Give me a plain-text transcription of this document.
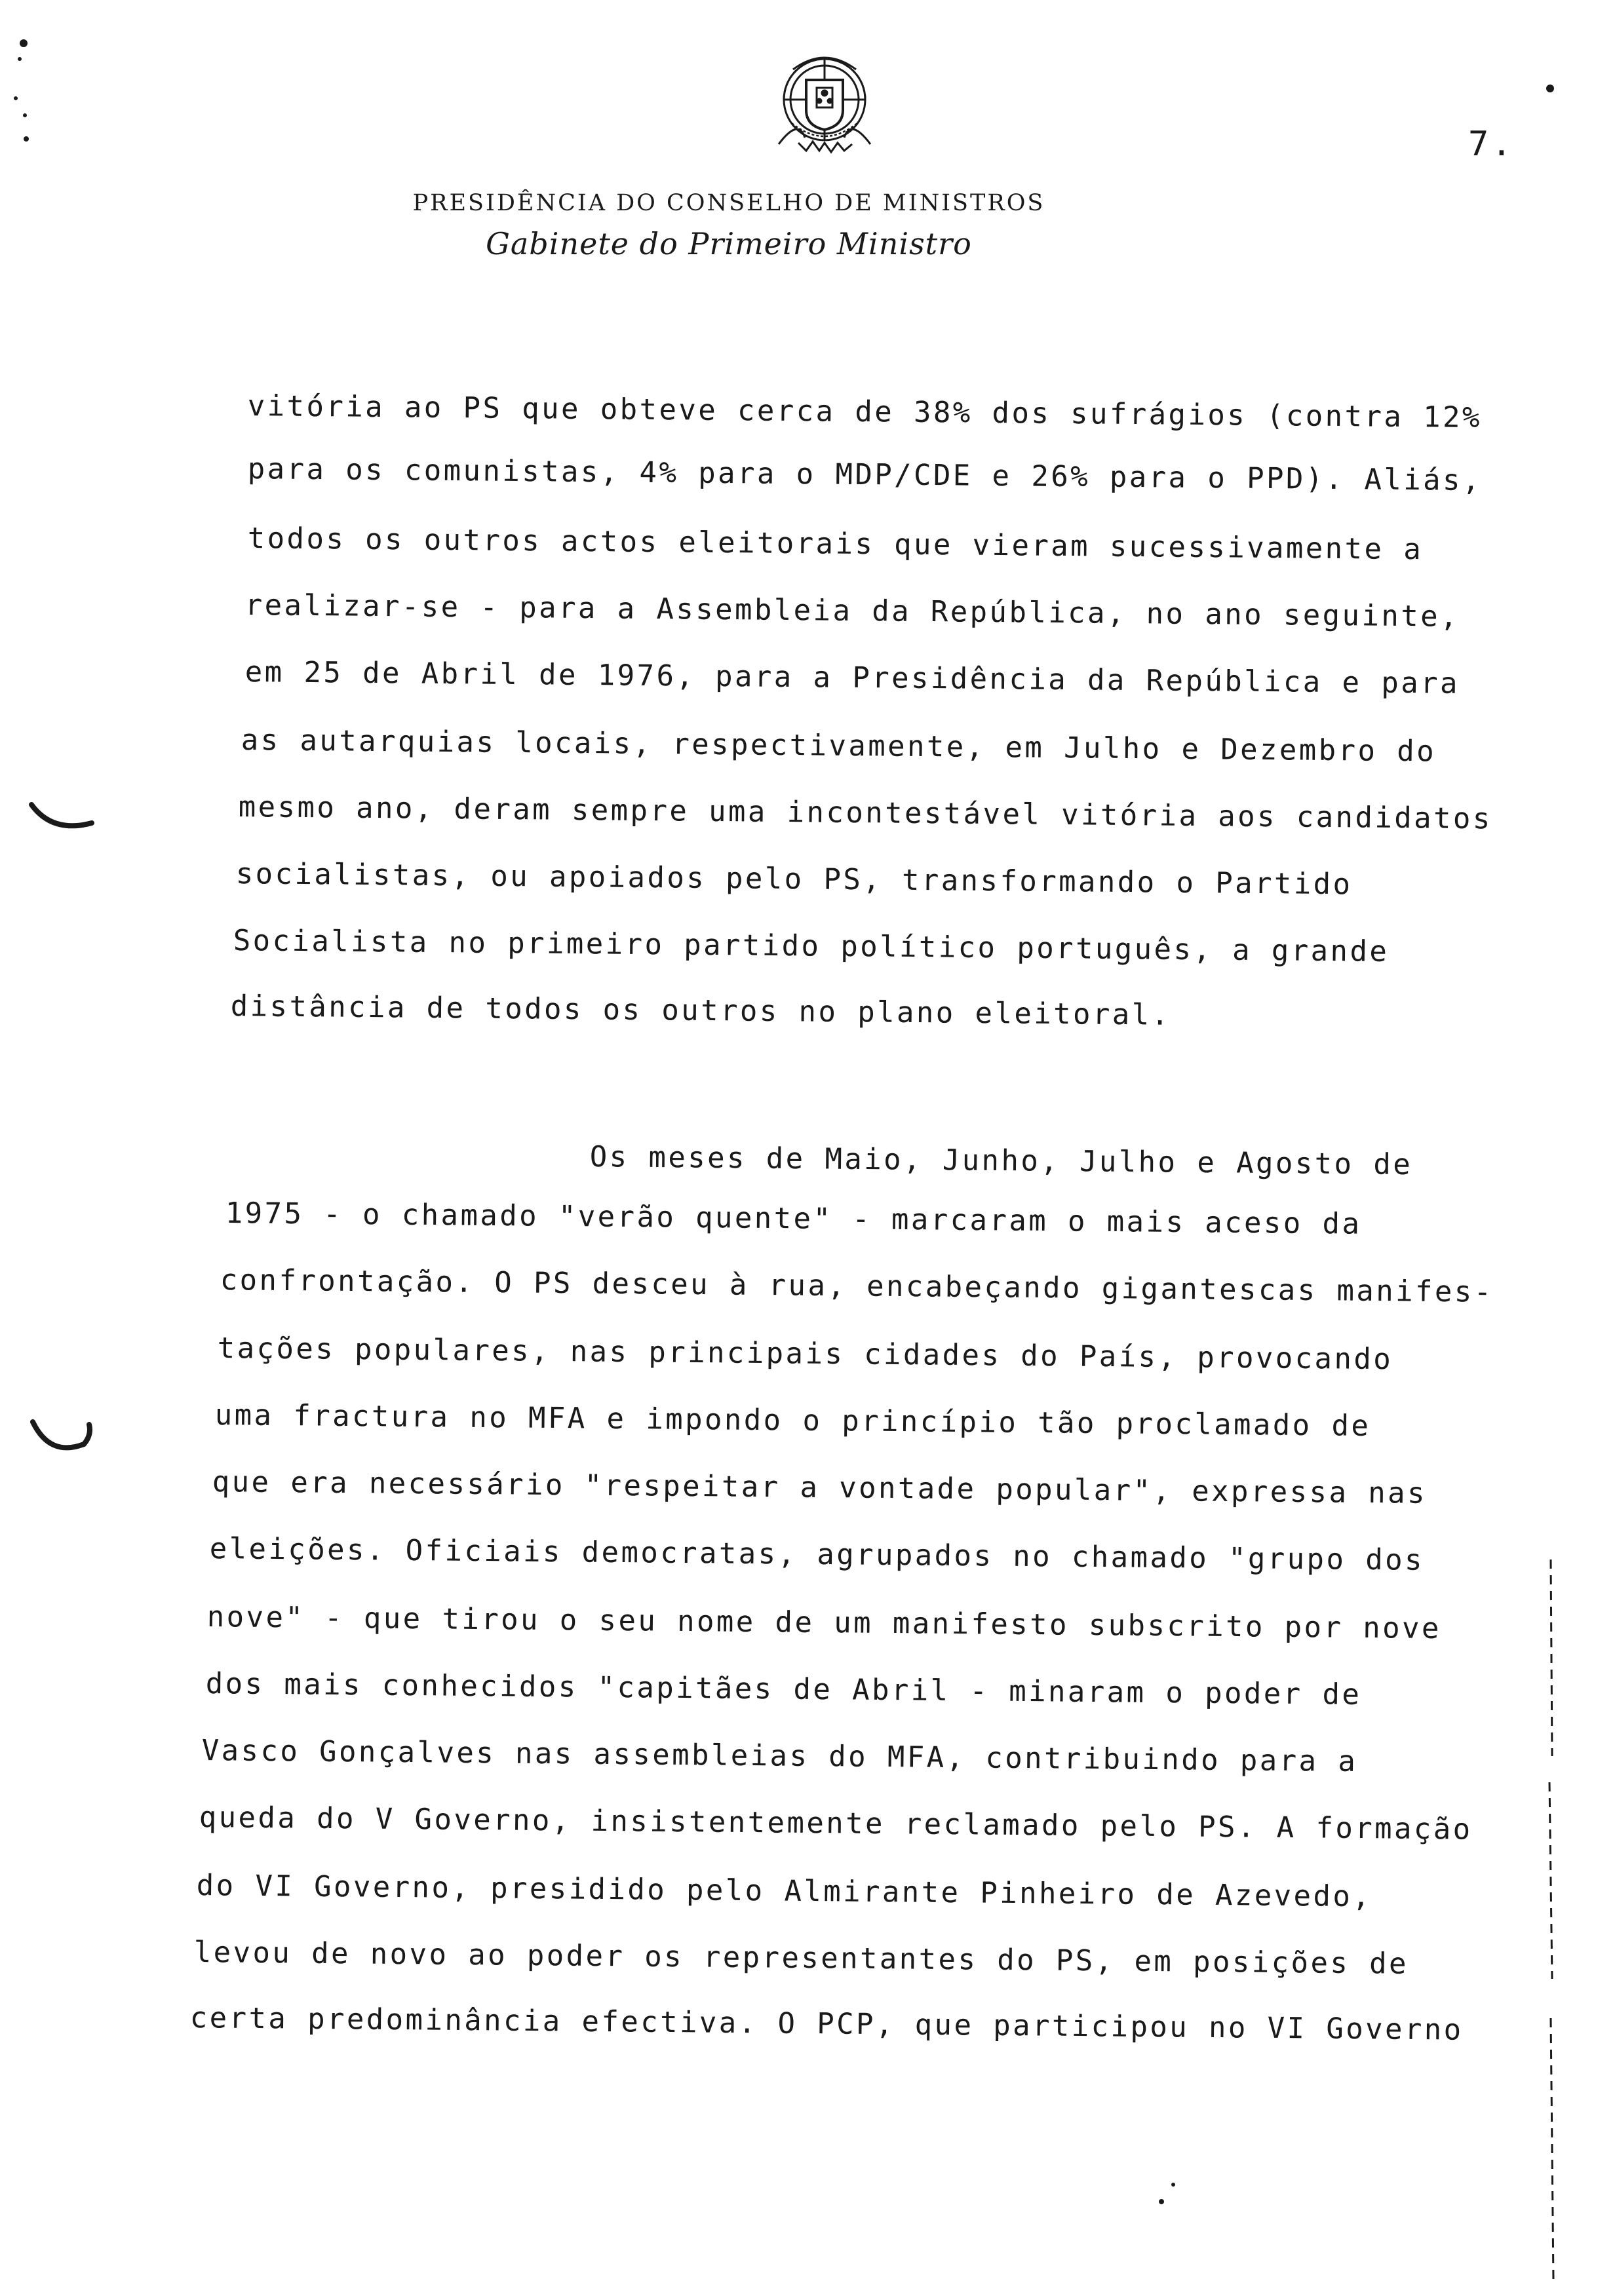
7.
PRESIDÊNCIA DO CONSELHO DE MINISTROS
Gabinete do Primeiro Ministro
vitória ao PS que obteve cerca de 38% dos sufrágios (contra 12%
para os comunistas, 4% para o MDP/CDE e 26% para o PPD). Aliás,
todos os outros actos eleitorais que vieram sucessivamente a
realizar-se - para a Assembleia da República, no ano seguinte,
em 25 de Abril de 1976, para a Presidência da República e para
as autarquias locais, respectivamente, em Julho e Dezembro do
mesmo ano, deram sempre uma incontestável vitória aos candidatos
socialistas, ou apoiados pelo PS, transformando o Partido
Socialista no primeiro partido político português, a grande
distância de todos os outros no plano eleitoral.
Os meses de Maio, Junho, Julho e Agosto de
1975 - o chamado "verão quente" - marcaram o mais aceso da
confrontação. O PS desceu à rua, encabeçando gigantescas manifes-
tações populares, nas principais cidades do País, provocando
uma fractura no MFA e impondo o princípio tão proclamado de
que era necessário "respeitar a vontade popular", expressa nas
eleições. Oficiais democratas, agrupados no chamado "grupo dos
nove" - que tirou o seu nome de um manifesto subscrito por nove
dos mais conhecidos "capitães de Abril - minaram o poder de
Vasco Gonçalves nas assembleias do MFA, contribuindo para a
queda do V Governo, insistentemente reclamado pelo PS. A formação
do VI Governo, presidido pelo Almirante Pinheiro de Azevedo,
levou de novo ao poder os representantes do PS, em posições de
certa predominância efectiva. O PCP, que participou no VI Governo
